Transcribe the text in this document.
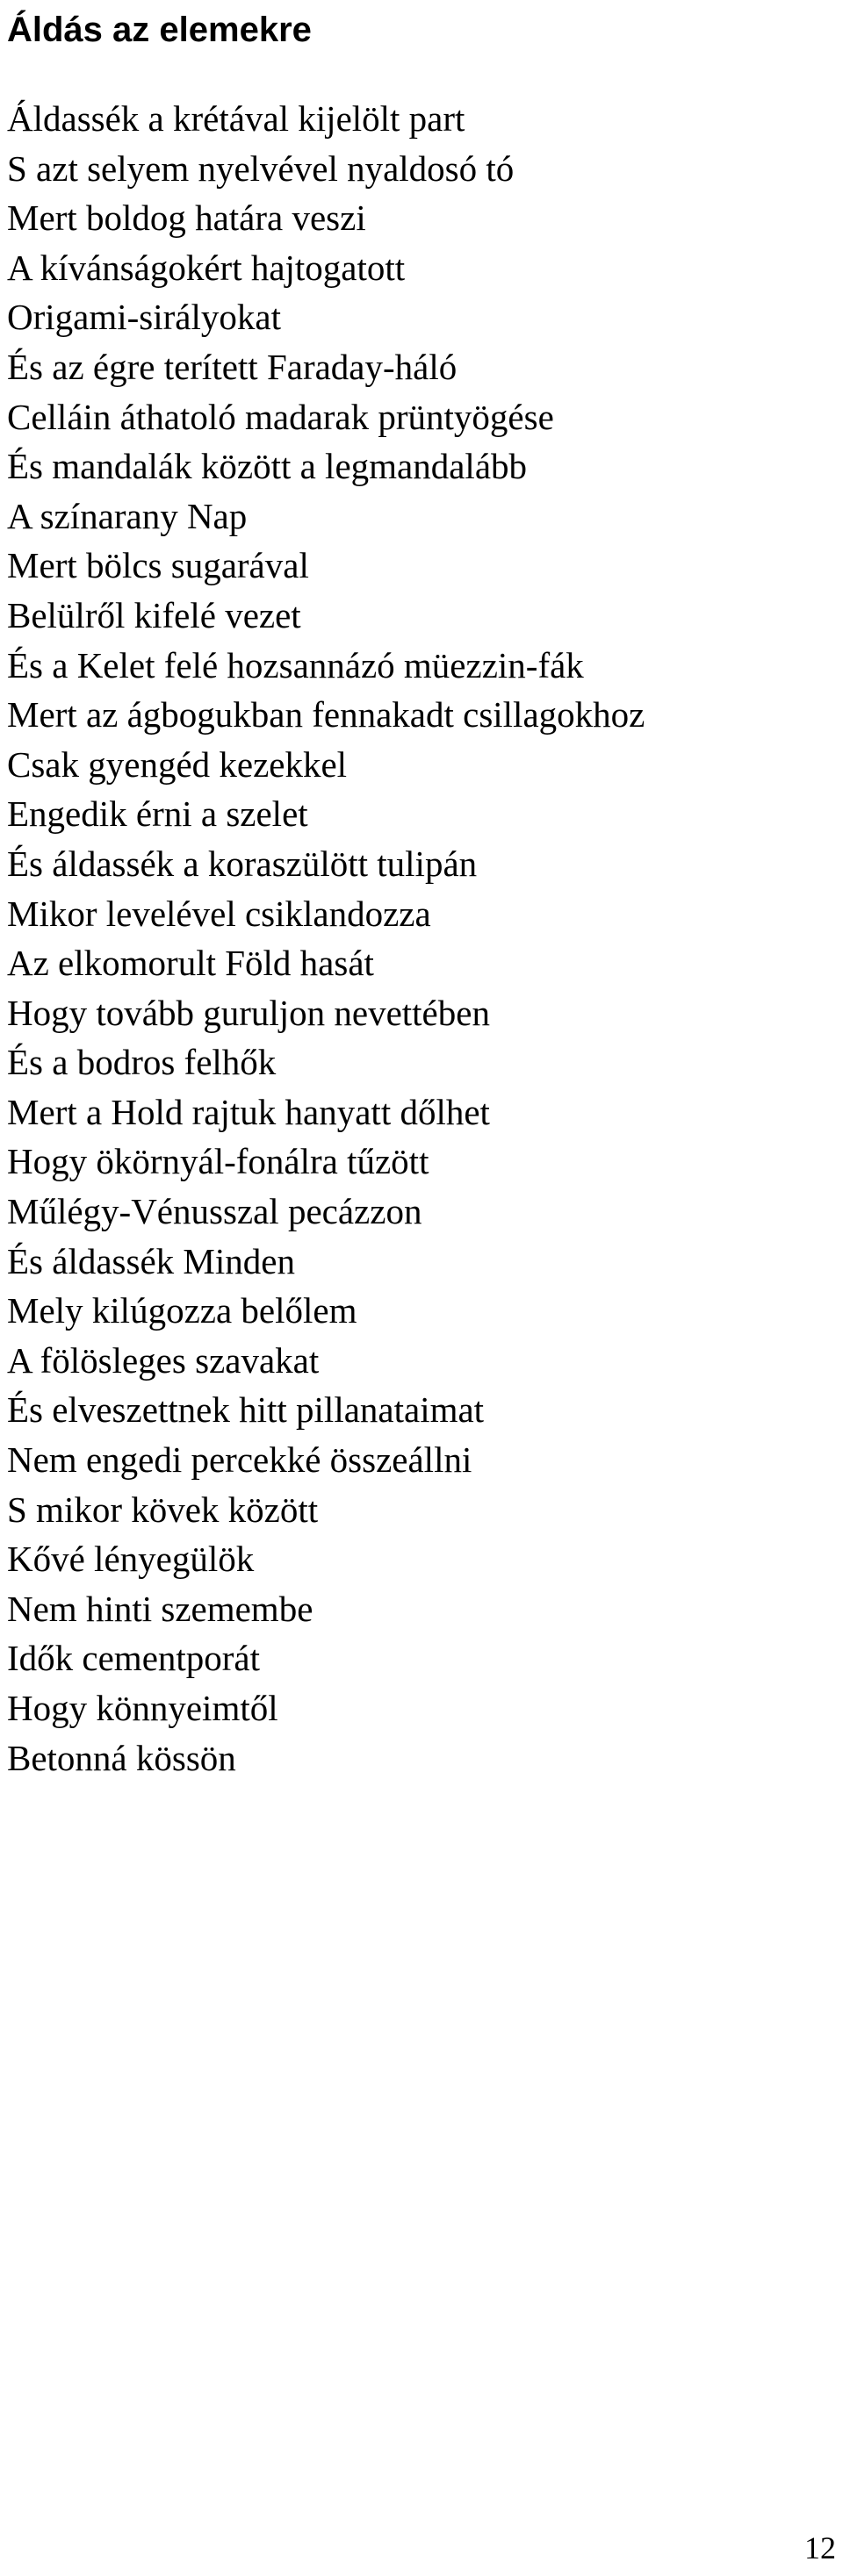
Áldás az elemekre
Áldassék a krétával kijelölt part
S azt selyem nyelvével nyaldosó tó
Mert boldog határa veszi
A kívánságokért hajtogatott
Origami-sirályokat
És az égre terített Faraday-háló
Celláin áthatoló madarak prüntyögése
És mandalák között a legmandalább
A színarany Nap
Mert bölcs sugarával
Belülről kifelé vezet
És a Kelet felé hozsannázó müezzin-fák
Mert az ágbogukban fennakadt csillagokhoz
Csak gyengéd kezekkel
Engedik érni a szelet
És áldassék a koraszülött tulipán
Mikor levelével csiklandozza
Az elkomorult Föld hasát
Hogy tovább guruljon nevettében
És a bodros felhők
Mert a Hold rajtuk hanyatt dőlhet
Hogy ökörnyál-fonálra tűzött
Műlégy-Vénusszal pecázzon
És áldassék Minden
Mely kilúgozza belőlem
A fölösleges szavakat
És elveszettnek hitt pillanataimat
Nem engedi percekké összeállni
S mikor kövek között
Kővé lényegülök
Nem hinti szemembe
Idők cementporát
Hogy könnyeimtől
Betonná kössön
12
